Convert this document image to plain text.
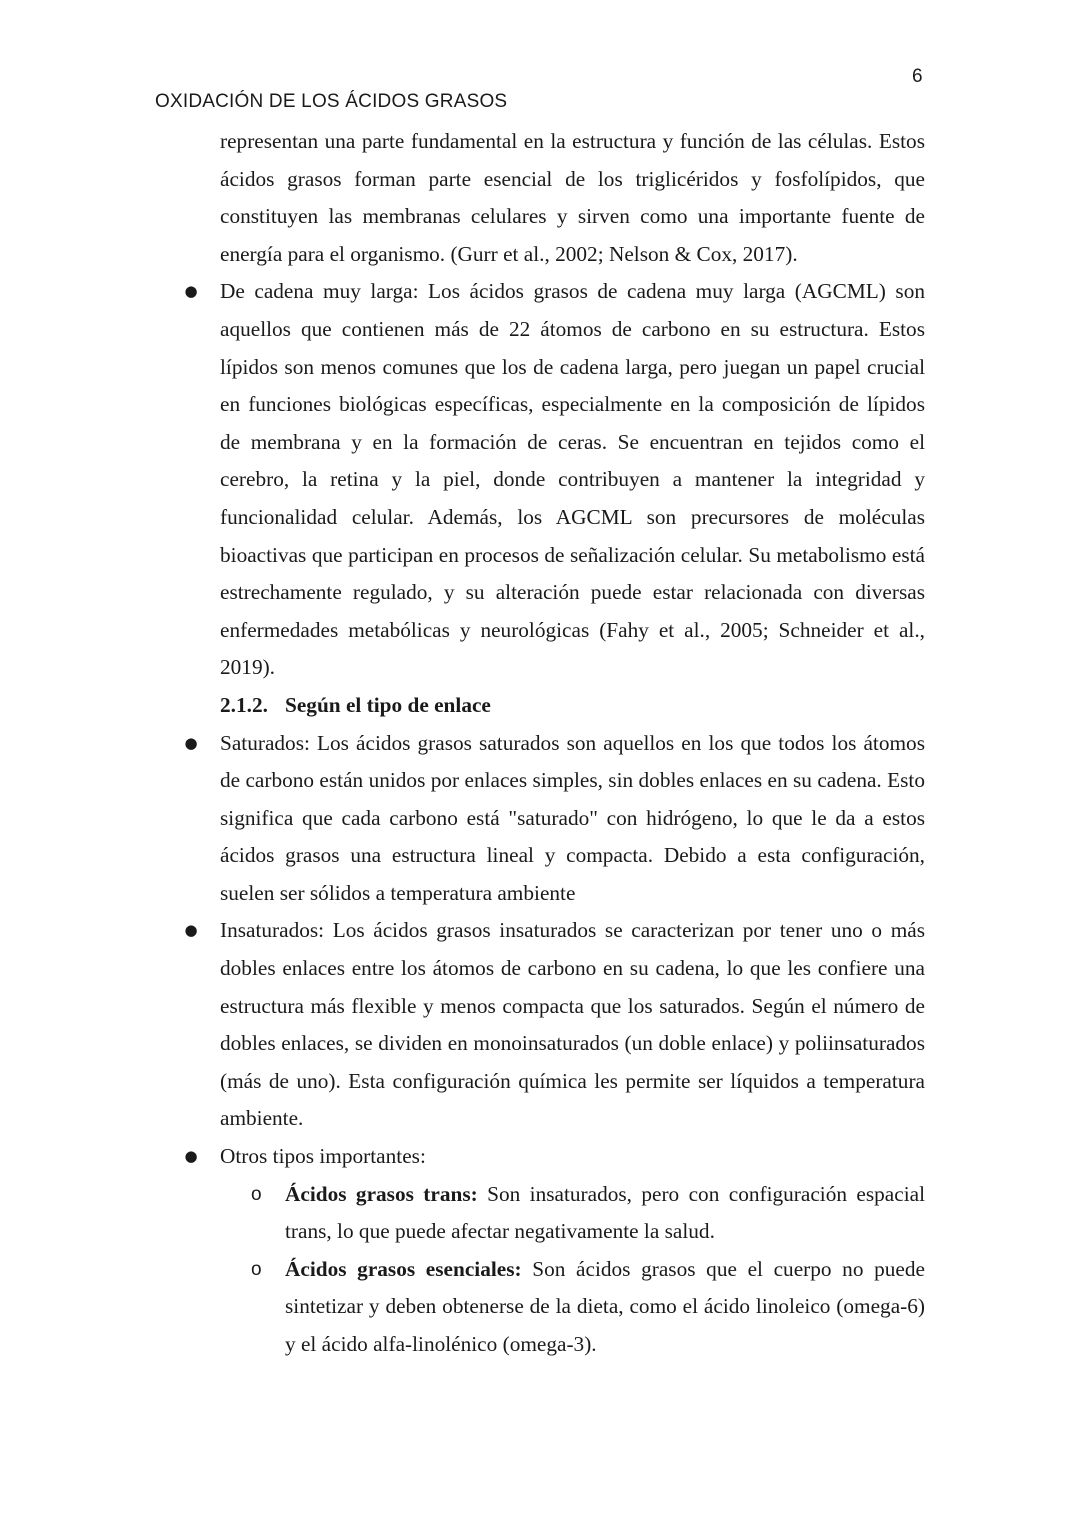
6
OXIDACIÓN DE LOS ÁCIDOS GRASOS

representan una parte fundamental en la estructura y función de las células. Estos ácidos grasos forman parte esencial de los triglicéridos y fosfolípidos, que constituyen las membranas celulares y sirven como una importante fuente de energía para el organismo. (Gurr et al., 2002; Nelson & Cox, 2017).

● De cadena muy larga: Los ácidos grasos de cadena muy larga (AGCML) son aquellos que contienen más de 22 átomos de carbono en su estructura. Estos lípidos son menos comunes que los de cadena larga, pero juegan un papel crucial en funciones biológicas específicas, especialmente en la composición de lípidos de membrana y en la formación de ceras. Se encuentran en tejidos como el cerebro, la retina y la piel, donde contribuyen a mantener la integridad y funcionalidad celular. Además, los AGCML son precursores de moléculas bioactivas que participan en procesos de señalización celular. Su metabolismo está estrechamente regulado, y su alteración puede estar relacionada con diversas enfermedades metabólicas y neurológicas (Fahy et al., 2005; Schneider et al., 2019).
2.1.2. Según el tipo de enlace
● Saturados: Los ácidos grasos saturados son aquellos en los que todos los átomos de carbono están unidos por enlaces simples, sin dobles enlaces en su cadena. Esto significa que cada carbono está "saturado" con hidrógeno, lo que le da a estos ácidos grasos una estructura lineal y compacta. Debido a esta configuración, suelen ser sólidos a temperatura ambiente
● Insaturados: Los ácidos grasos insaturados se caracterizan por tener uno o más dobles enlaces entre los átomos de carbono en su cadena, lo que les confiere una estructura más flexible y menos compacta que los saturados. Según el número de dobles enlaces, se dividen en monoinsaturados (un doble enlace) y poliinsaturados (más de uno). Esta configuración química les permite ser líquidos a temperatura ambiente.
● Otros tipos importantes:
o Ácidos grasos trans: Son insaturados, pero con configuración espacial trans, lo que puede afectar negativamente la salud.
o Ácidos grasos esenciales: Son ácidos grasos que el cuerpo no puede sintetizar y deben obtenerse de la dieta, como el ácido linoleico (omega-6) y el ácido alfa-linolénico (omega-3).
